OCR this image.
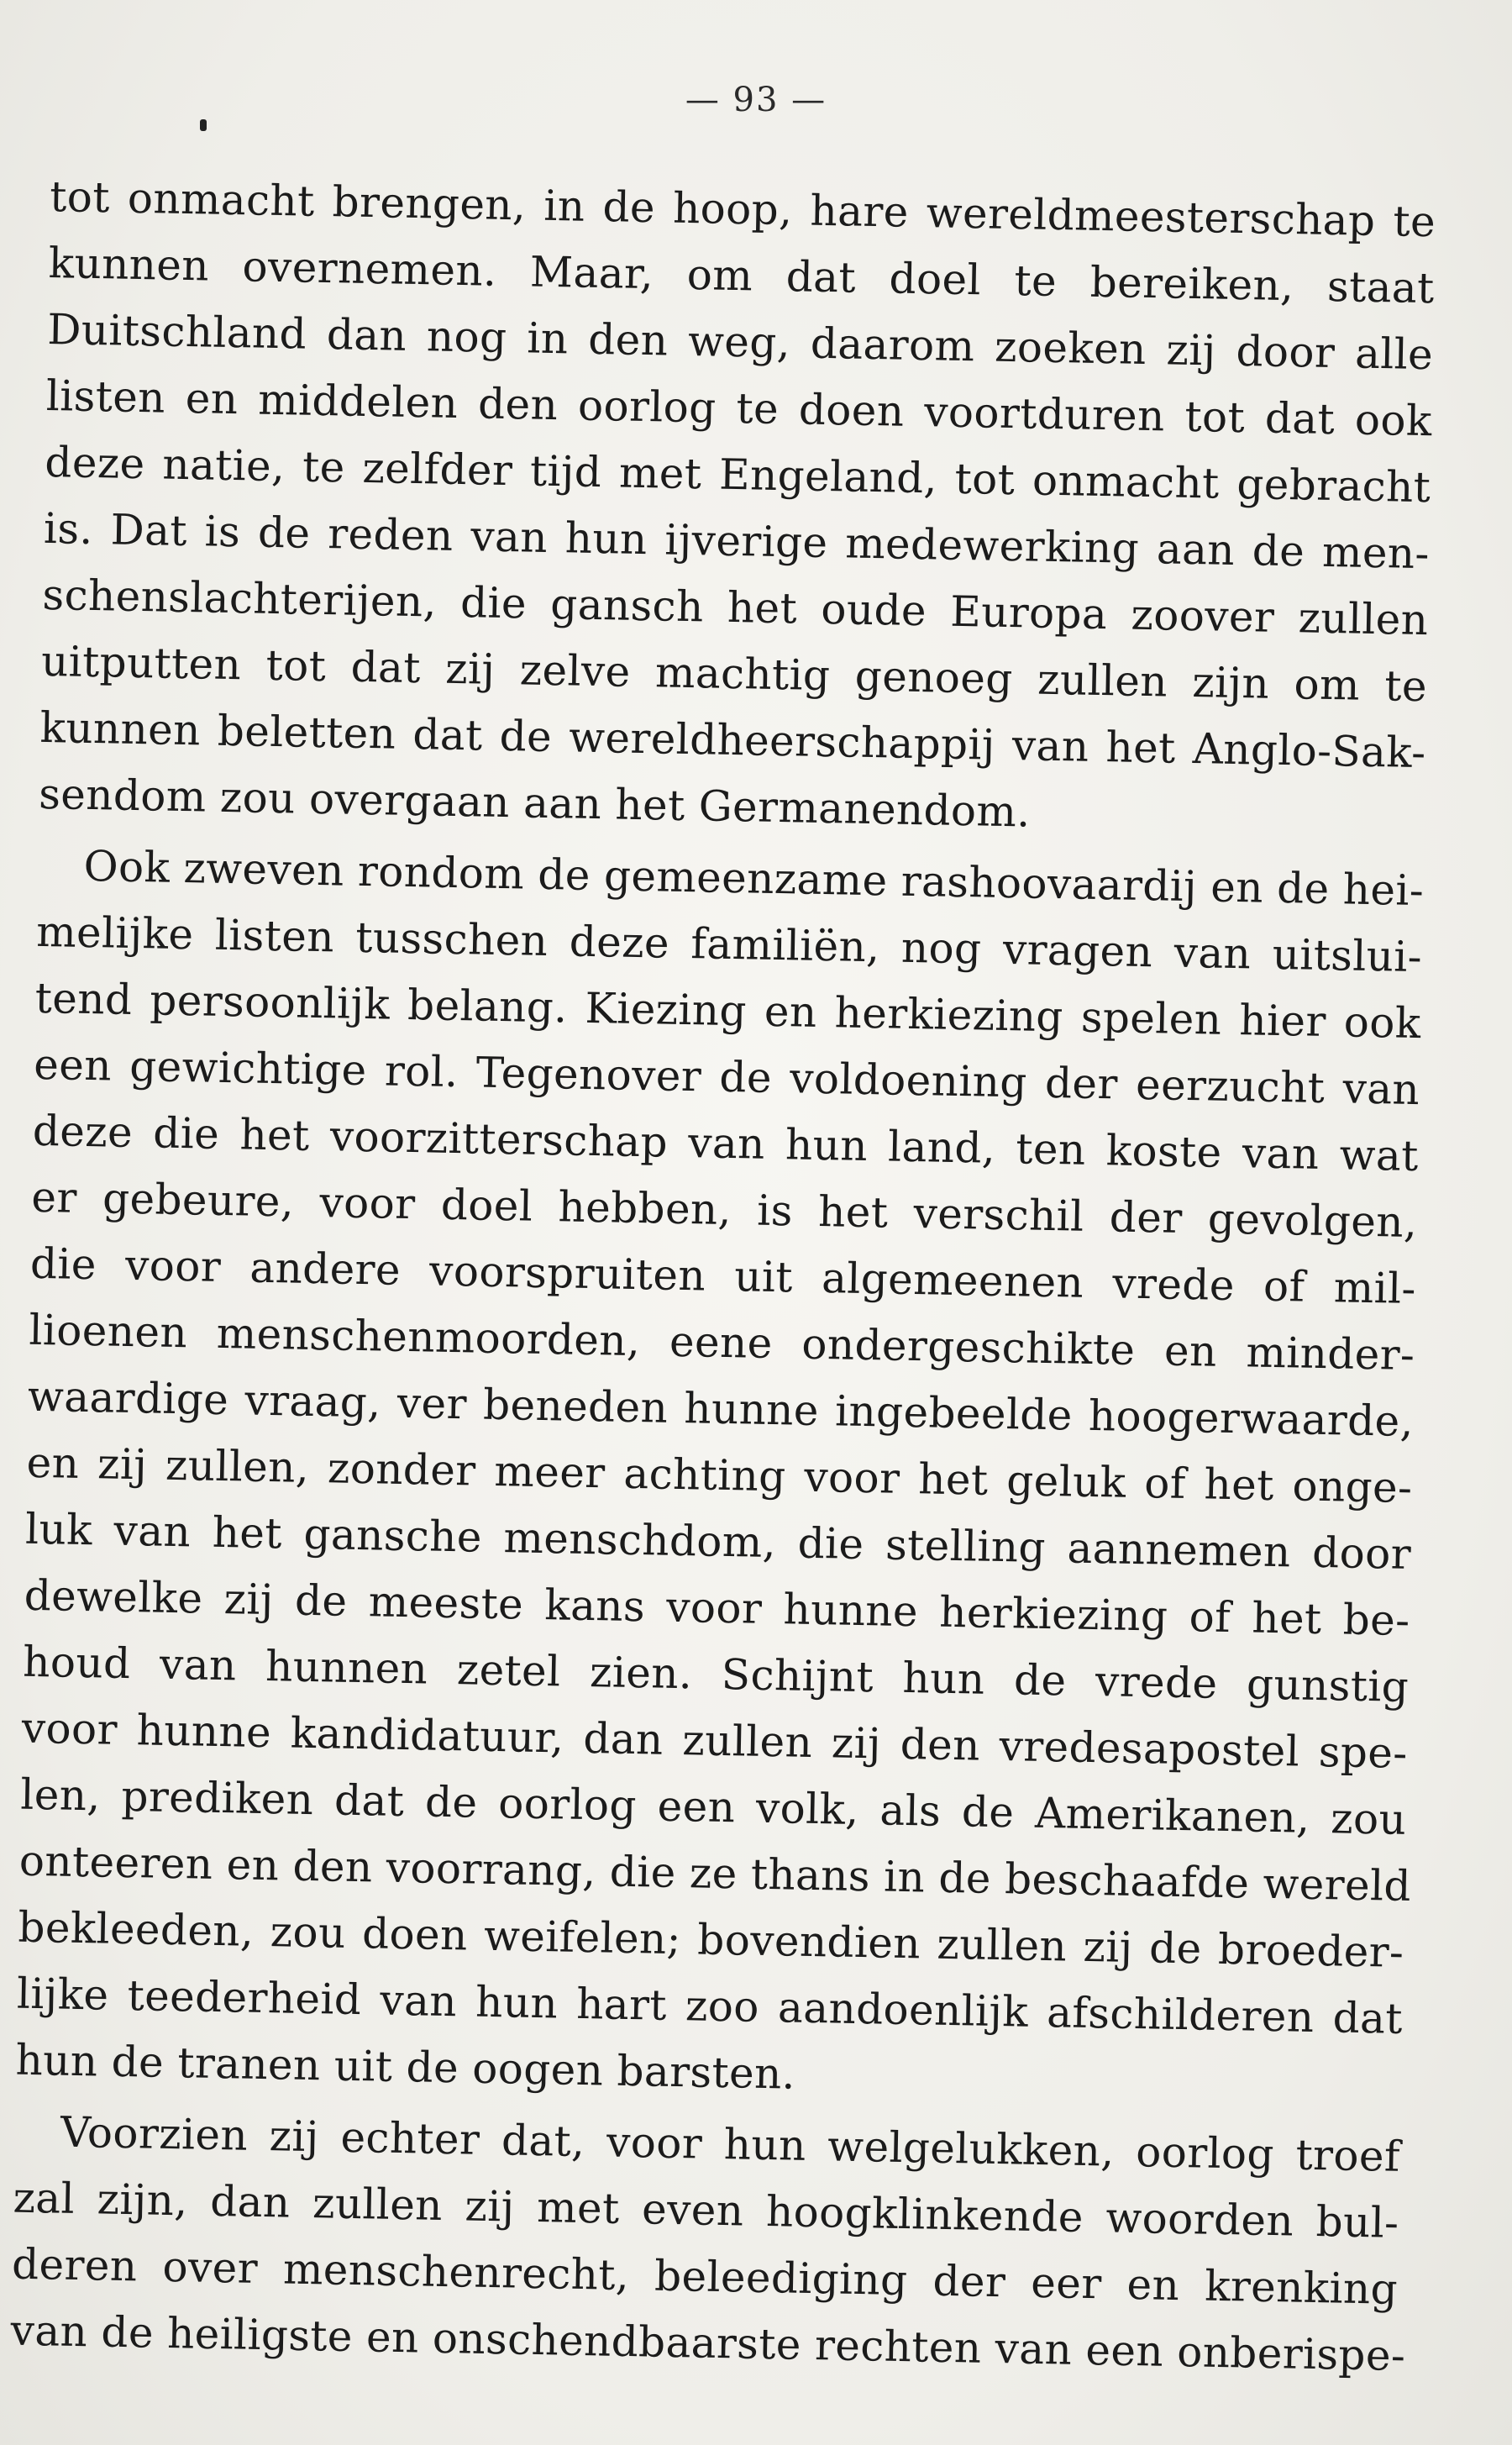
— 93 —
tot onmacht brengen, in de hoop, hare wereldmeesterschap te
kunnen overnemen. Maar, om dat doel te bereiken, staat
Duitschland dan nog in den weg, daarom zoeken zij door alle
listen en middelen den oorlog te doen voortduren tot dat ook
deze natie, te zelfder tijd met Engeland, tot onmacht gebracht
is. Dat is de reden van hun ijverige medewerking aan de men-
schenslachterijen, die gansch het oude Europa zoover zullen
uitputten tot dat zij zelve machtig genoeg zullen zijn om te
kunnen beletten dat de wereldheerschappij van het Anglo-Sak-
sendom zou overgaan aan het Germanendom.
Ook zweven rondom de gemeenzame rashoovaardij en de hei-
melijke listen tusschen deze familiën, nog vragen van uitslui-
tend persoonlijk belang. Kiezing en herkiezing spelen hier ook
een gewichtige rol. Tegenover de voldoening der eerzucht van
deze die het voorzitterschap van hun land, ten koste van wat
er gebeure, voor doel hebben, is het verschil der gevolgen,
die voor andere voorspruiten uit algemeenen vrede of mil-
lioenen menschenmoorden, eene ondergeschikte en minder-
waardige vraag, ver beneden hunne ingebeelde hoogerwaarde,
en zij zullen, zonder meer achting voor het geluk of het onge-
luk van het gansche menschdom, die stelling aannemen door
dewelke zij de meeste kans voor hunne herkiezing of het be-
houd van hunnen zetel zien. Schijnt hun de vrede gunstig
voor hunne kandidatuur, dan zullen zij den vredesapostel spe-
len, prediken dat de oorlog een volk, als de Amerikanen, zou
onteeren en den voorrang, die ze thans in de beschaafde wereld
bekleeden, zou doen weifelen; bovendien zullen zij de broeder-
lijke teederheid van hun hart zoo aandoenlijk afschilderen dat
hun de tranen uit de oogen barsten.
Voorzien zij echter dat, voor hun welgelukken, oorlog troef
zal zijn, dan zullen zij met even hoogklinkende woorden bul-
deren over menschenrecht, beleediging der eer en krenking
van de heiligste en onschendbaarste rechten van een onberispe-
